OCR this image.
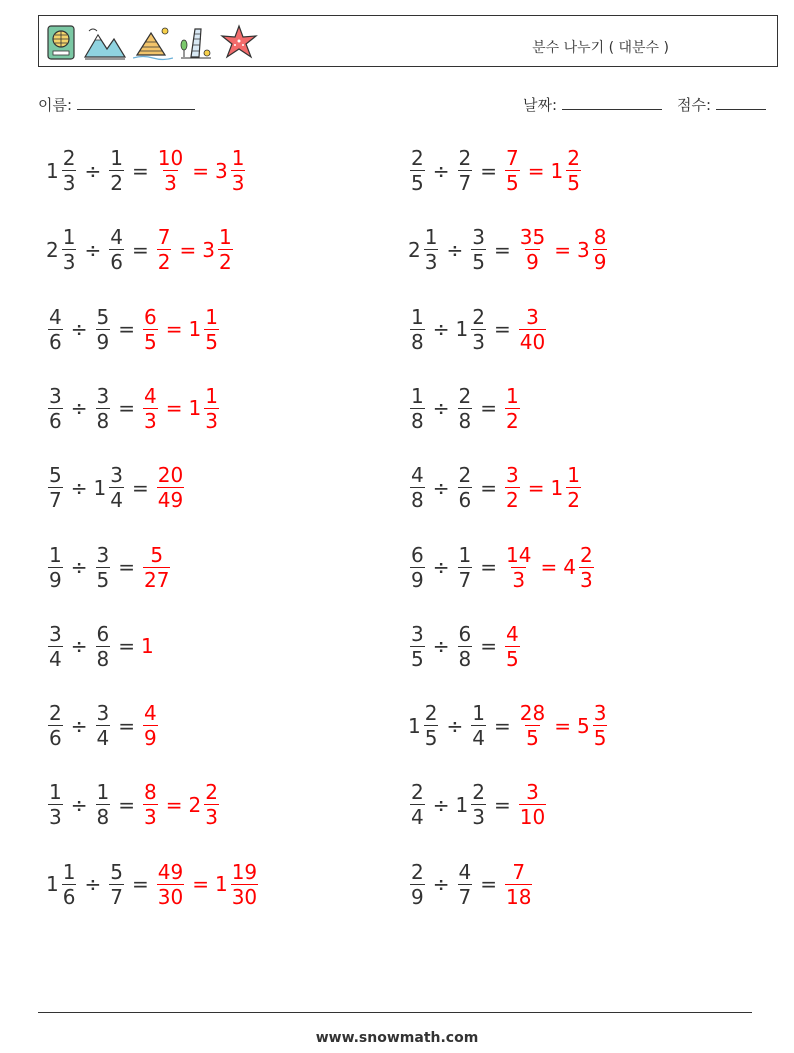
분수 나누기 ( 대분수 )
이름:	날짜:	점수:
$1 \frac{2}{3} \div \frac{1}{2} = \frac{10}{3} = 3 \frac{1}{3}$	$\frac{2}{5} \div \frac{2}{7} = \frac{7}{5} = 1 \frac{2}{5}$
$2 \frac{1}{3} \div \frac{4}{6} = \frac{7}{2} = 3 \frac{1}{2}$	$2 \frac{1}{3} \div \frac{3}{5} = \frac{35}{9} = 3 \frac{8}{9}$
$\frac{4}{6} \div \frac{5}{9} = \frac{6}{5} = 1 \frac{1}{5}$	$\frac{1}{8} \div 1 \frac{2}{3} = \frac{3}{40}$
$\frac{3}{6} \div \frac{3}{8} = \frac{4}{3} = 1 \frac{1}{3}$	$\frac{1}{8} \div \frac{2}{8} = \frac{1}{2}$
$\frac{5}{7} \div 1 \frac{3}{4} = \frac{20}{49}$	$\frac{4}{8} \div \frac{2}{6} = \frac{3}{2} = 1 \frac{1}{2}$
$\frac{1}{9} \div \frac{3}{5} = \frac{5}{27}$	$\frac{6}{9} \div \frac{1}{7} = \frac{14}{3} = 4 \frac{2}{3}$
$\frac{3}{4} \div \frac{6}{8} = 1$	$\frac{3}{5} \div \frac{6}{8} = \frac{4}{5}$
$\frac{2}{6} \div \frac{3}{4} = \frac{4}{9}$	$1 \frac{2}{5} \div \frac{1}{4} = \frac{28}{5} = 5 \frac{3}{5}$
$\frac{1}{3} \div \frac{1}{8} = \frac{8}{3} = 2 \frac{2}{3}$	$\frac{2}{4} \div 1 \frac{2}{3} = \frac{3}{10}$
$1 \frac{1}{6} \div \frac{5}{7} = \frac{49}{30} = 1 \frac{19}{30}$	$\frac{2}{9} \div \frac{4}{7} = \frac{7}{18}$
www.snowmath.com
